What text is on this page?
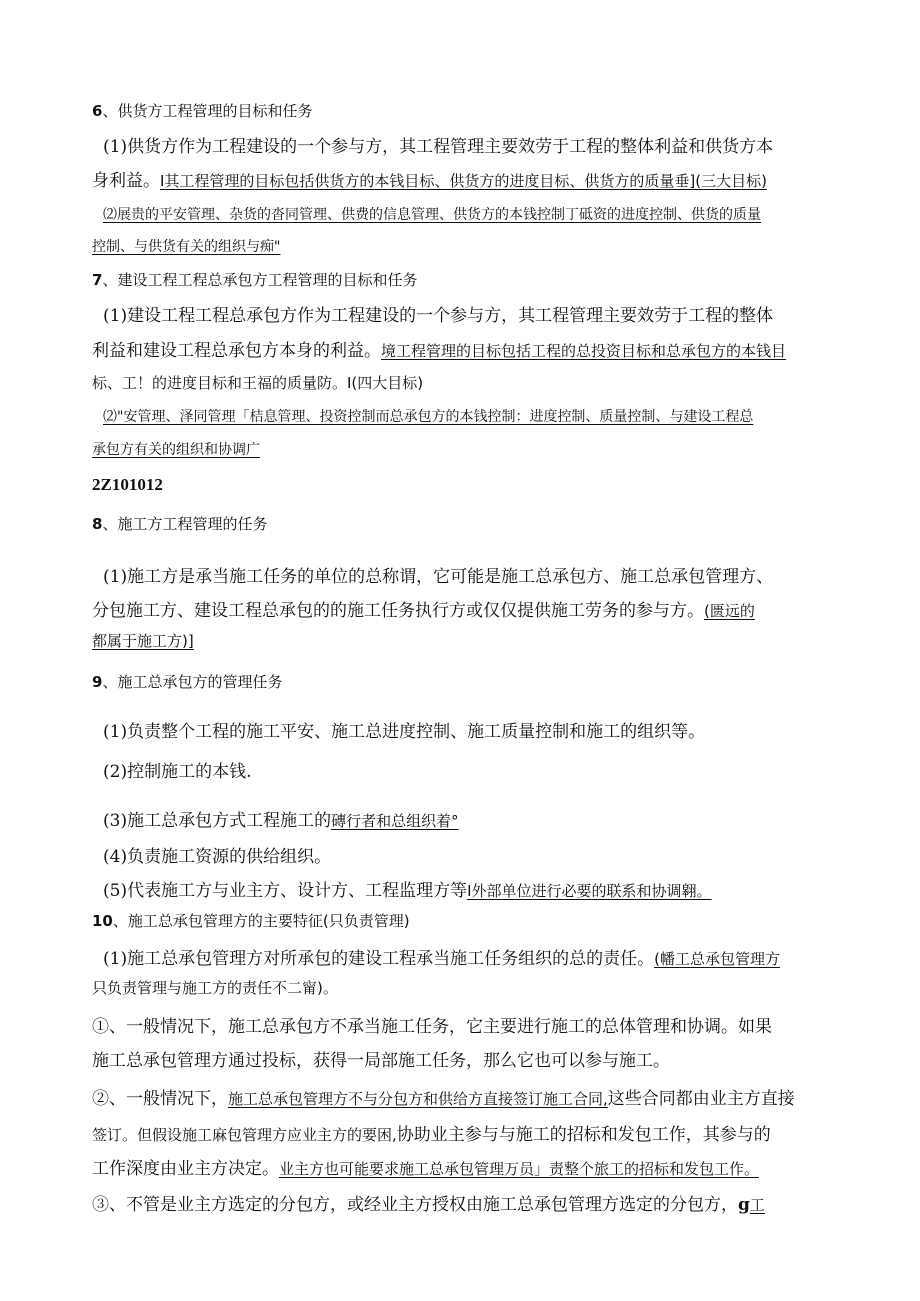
6、供货方工程管理的目标和任务

(1)供货方作为工程建设的一个参与方，其工程管理主要效劳于工程的整体利益和供货方本

身利益。I其工程管理的目标包括供货方的本钱目标、供货方的进度目标、供货方的质量垂](三大目标)

⑵展贵的平安管理、杂货的沓同管理、供费的信息管理、供货方的本钱控制丁砥资的进度控制、供货的质量

控制、与供货有关的组织与痴"

7、建设工程工程总承包方工程管理的目标和任务

(1)建设工程工程总承包方作为工程建设的一个参与方，其工程管理主要效劳于工程的整体

利益和建设工程总承包方本身的利益。境工程管理的目标包括工程的总投资目标和总承包方的本钱目

标、工！的进度目标和王福的质量防。I(四大目标)

⑵"安管理、泽同管理「桔息管理、投资控制而总承包方的本钱控制：进度控制、质量控制、与建设工程总

承包方有关的组织和协调广

2Z101012

8、施工方工程管理的任务

(1)施工方是承当施工任务的单位的总称谓，它可能是施工总承包方、施工总承包管理方、

分包施工方、建设工程总承包的的施工任务执行方或仅仅提供施工劳务的参与方。(匮远的

都属于施工方)]

9、施工总承包方的管理任务

(1)负责整个工程的施工平安、施工总进度控制、施工质量控制和施工的组织等。

(2)控制施工的本钱.

(3)施工总承包方式工程施工的磚行者和总组织着°

(4)负责施工资源的供给组织。

(5)代表施工方与业主方、设计方、工程监理方等I外部单位进行必要的联系和协调翱。

10、施工总承包管理方的主要特征(只负责管理)

(1)施工总承包管理方对所承包的建设工程承当施工任务组织的总的责任。(幡工总承包管理方

只负责管理与施工方的责任不二甯)。

①、一般情况下，施工总承包方不承当施工任务，它主要进行施工的总体管理和协调。如果

施工总承包管理方通过投标，获得一局部施工任务，那么它也可以参与施工。

②、一般情况下，施工总承包管理方不与分包方和供给方直接签订施工合同,这些合同都由业主方直接

签订。但假设施工麻包管理方应业主方的要困,协助业主参与与施工的招标和发包工作，其参与的

工作深度由业主方决定。业主方也可能要求施工总承包管理万员」责整个旅工的招标和发包工作。

③、不管是业主方选定的分包方，或经业主方授权由施工总承包管理方选定的分包方，g工
